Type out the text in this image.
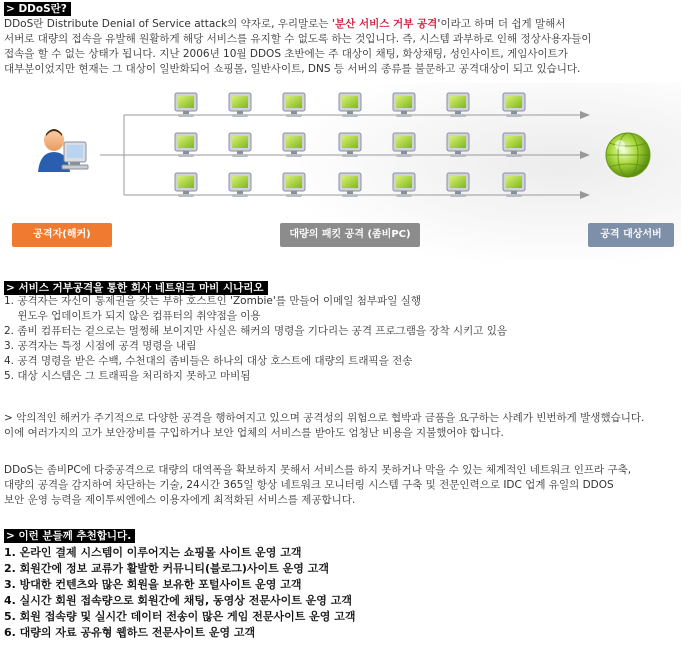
> DDoS란?
DDoS란 Distribute Denial of Service attack의 약자로, 우리말로는 '분산 서비스 거부 공격'이라고 하며 더 쉽게 말해서
서버로 대량의 접속을 유발해 원활하게 해당 서비스를 유지할 수 없도록 하는 것입니다. 즉, 시스템 과부하로 인해 정상사용자들이
접속을 할 수 없는 상태가 됩니다. 지난 2006년 10월 DDOS 초반에는 주 대상이 채팅, 화상채팅, 성인사이트, 게임사이트가
대부분이었지만 현재는 그 대상이 일반화되어 쇼핑몰, 일반사이트, DNS 등 서버의 종류를 불문하고 공격대상이 되고 있습니다.
공격자(해커)	대량의 패킷 공격 (좀비PC)	공격 대상서버
> 서비스 거부공격을 통한 회사 네트워크 마비 시나리오
1. 공격자는 자신이 통제권을 갖는 부하 호스트인 'Zombie'를 만들어 이메일 첨부파일 실행
윈도우 업데이트가 되지 않은 컴퓨터의 취약점을 이용
2. 좀비 컴퓨터는 겉으로는 멀쩡해 보이지만 사실은 해커의 명령을 기다리는 공격 프로그램을 장착 시키고 있음
3. 공격자는 특정 시점에 공격 명령을 내림
4. 공격 명령을 받은 수백, 수천대의 좀비들은 하나의 대상 호스트에 대량의 트래픽을 전송
5. 대상 시스템은 그 트래픽을 처리하지 못하고 마비됨
> 악의적인 해커가 주기적으로 다양한 공격을 행하여지고 있으며 공격성의 위험으로 협박과 금품을 요구하는 사례가 빈번하게 발생했습니다.
이에 여러가지의 고가 보안장비를 구입하거나 보안 업체의 서비스를 받아도 엄청난 비용을 지불했어야 합니다.
DDoS는 좀비PC에 다중공격으로 대량의 대역폭을 확보하지 못해서 서비스를 하지 못하거나 막을 수 있는 체계적인 네트워크 인프라 구축,
대량의 공격을 감지하여 차단하는 기술, 24시간 365일 항상 네트워크 모니터링 시스템 구축 및 전문인력으로 IDC 업계 유일의 DDOS
보안 운영 능력을 제이투씨엔에스 이용자에게 최적화된 서비스를 제공합니다.
> 이런 분들께 추천합니다.
1. 온라인 결제 시스템이 이루어지는 쇼핑몰 사이트 운영 고객
2. 회원간에 정보 교류가 활발한 커뮤니티(블로그)사이트 운영 고객
3. 방대한 컨텐츠와 많은 회원을 보유한 포털사이트 운영 고객
4. 실시간 회원 접속량으로 회원간에 채팅, 동영상 전문사이트 운영 고객
5. 회원 접속량 및 실시간 데이터 전송이 많은 게임 전문사이트 운영 고객
6. 대량의 자료 공유형 웹하드 전문사이트 운영 고객
